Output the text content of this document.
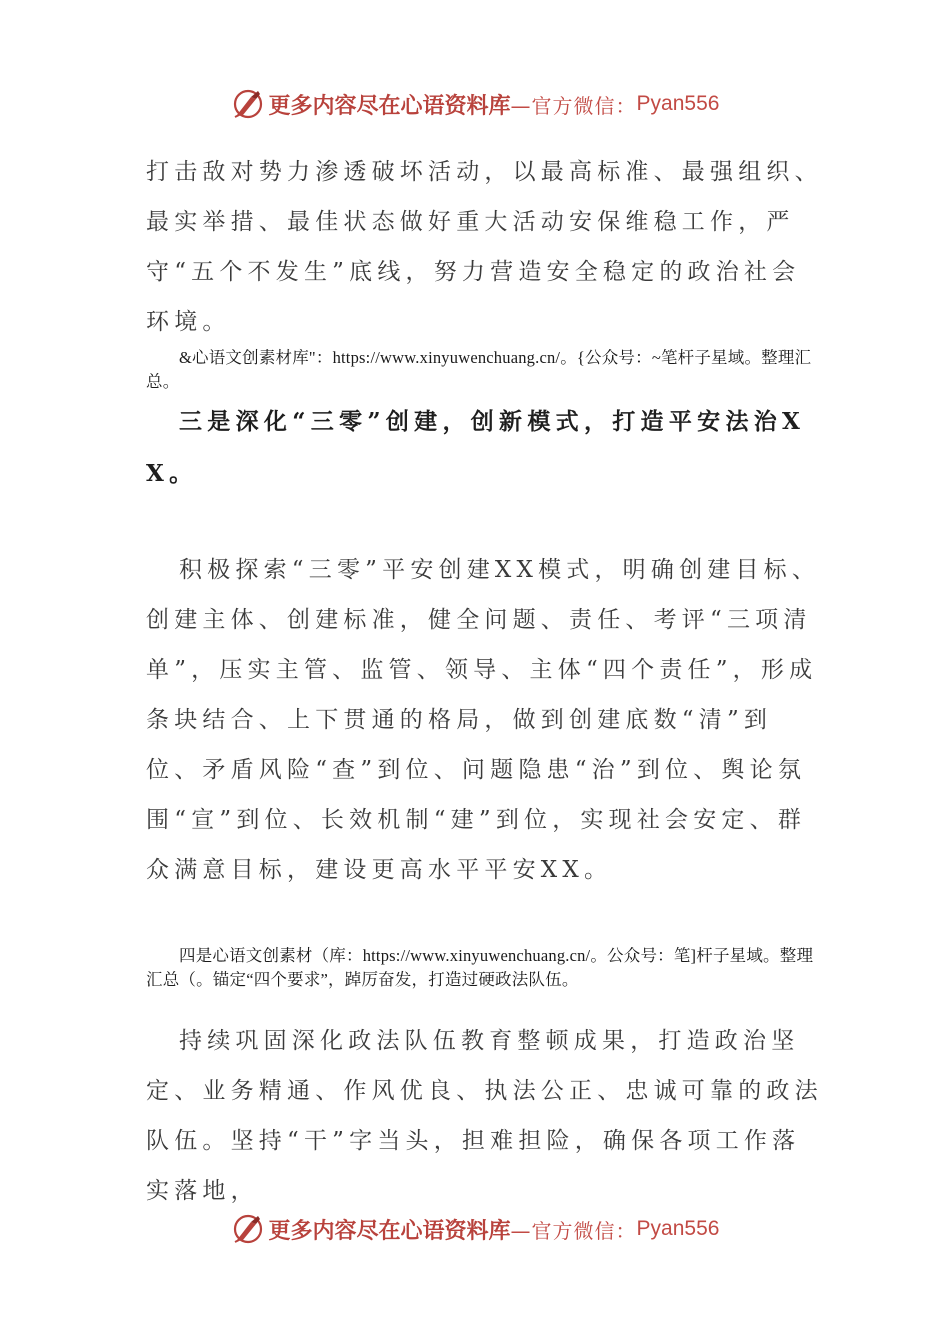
更多内容尽在心语资料库 —官方微信： Pyan556

打击敌对势力渗透破坏活动，以最高标准、最强组织、最实举措、最佳状态做好重大活动安保维稳工作，严守“五个不发生”底线，努力营造安全稳定的政治社会环境。

&心语文创素材库"：https://www.xinyuwenchuang.cn/。{公众号：~笔杆子星域。整理汇总。

三是深化“三零”创建，创新模式，打造平安法治XX。

积极探索“三零”平安创建XX模式，明确创建目标、创建主体、创建标准，健全问题、责任、考评“三项清单”，压实主管、监管、领导、主体“四个责任”，形成条块结合、上下贯通的格局，做到创建底数“清”到位、矛盾风险“查”到位、问题隐患“治”到位、舆论氛围“宣”到位、长效机制“建”到位，实现社会安定、群众满意目标，建设更高水平平安XX。

四是心语文创素材（库：https://www.xinyuwenchuang.cn/。公众号：笔]杆子星域。整理汇总（。锚定“四个要求”，踔厉奋发，打造过硬政法队伍。

持续巩固深化政法队伍教育整顿成果，打造政治坚定、业务精通、作风优良、执法公正、忠诚可靠的政法队伍。坚持“干”字当头，担难担险，确保各项工作落实落地，

更多内容尽在心语资料库 —官方微信： Pyan556
